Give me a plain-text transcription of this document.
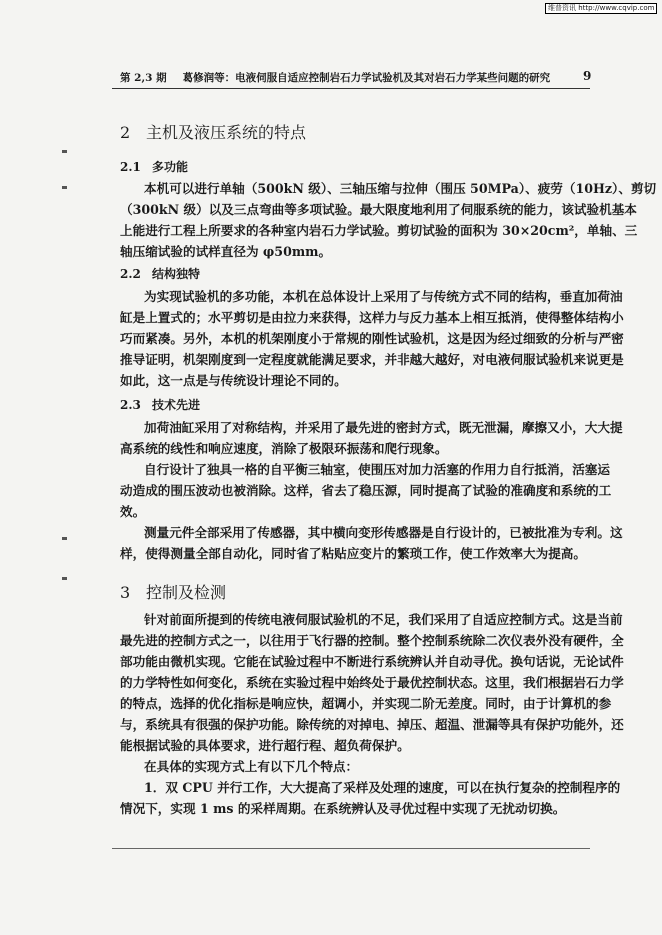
维普资讯 http://www.cqvip.com
第 2,3 期 葛修润等：电液伺服自适应控制岩石力学试验机及其对岩石力学某些问题的研究	9
2 主机及液压系统的特点
2.1 多功能
本机可以进行单轴（500kN 级）、三轴压缩与拉伸（围压 50MPa）、疲劳（10Hz）、剪切
（300kN 级）以及三点弯曲等多项试验。最大限度地利用了伺服系统的能力，该试验机基本
上能进行工程上所要求的各种室内岩石力学试验。剪切试验的面积为 30×20cm²，单轴、三
轴压缩试验的试样直径为 φ50mm。
2.2 结构独特
为实现试验机的多功能，本机在总体设计上采用了与传统方式不同的结构，垂直加荷油
缸是上置式的；水平剪切是由拉力来获得，这样力与反力基本上相互抵消，使得整体结构小
巧而紧凑。另外，本机的机架刚度小于常规的刚性试验机，这是因为经过细致的分析与严密
推导证明，机架刚度到一定程度就能满足要求，并非越大越好，对电液伺服试验机来说更是
如此，这一点是与传统设计理论不同的。
2.3 技术先进
加荷油缸采用了对称结构，并采用了最先进的密封方式，既无泄漏，摩擦又小，大大提
高系统的线性和响应速度，消除了极限环振荡和爬行现象。
自行设计了独具一格的自平衡三轴室，使围压对加力活塞的作用力自行抵消，活塞运
动造成的围压波动也被消除。这样，省去了稳压源，同时提高了试验的准确度和系统的工
效。
测量元件全部采用了传感器，其中横向变形传感器是自行设计的，已被批准为专利。这
样，使得测量全部自动化，同时省了粘贴应变片的繁琐工作，使工作效率大为提高。
3 控制及检测
针对前面所提到的传统电液伺服试验机的不足，我们采用了自适应控制方式。这是当前
最先进的控制方式之一，以往用于飞行器的控制。整个控制系统除二次仪表外没有硬件，全
部功能由微机实现。它能在试验过程中不断进行系统辨认并自动寻优。换句话说，无论试件
的力学特性如何变化，系统在实验过程中始终处于最优控制状态。这里，我们根据岩石力学
的特点，选择的优化指标是响应快，超调小，并实现二阶无差度。同时，由于计算机的参
与，系统具有很强的保护功能。除传统的对掉电、掉压、超温、泄漏等具有保护功能外，还
能根据试验的具体要求，进行超行程、超负荷保护。
在具体的实现方式上有以下几个特点：
1．双 CPU 并行工作，大大提高了采样及处理的速度，可以在执行复杂的控制程序的
情况下，实现 1 ms 的采样周期。在系统辨认及寻优过程中实现了无扰动切换。
